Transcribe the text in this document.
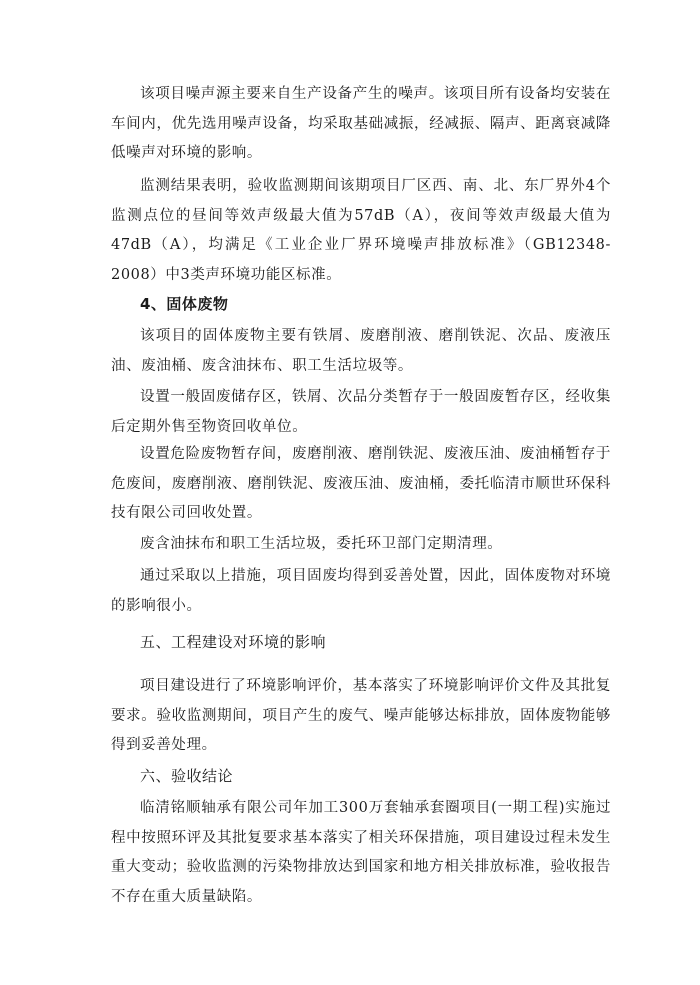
该项目噪声源主要来自生产设备产生的噪声。该项目所有设备均安装在车间内，优先选用噪声设备，均采取基础减振，经减振、隔声、距离衰减降低噪声对环境的影响。

监测结果表明，验收监测期间该期项目厂区西、南、北、东厂界外4个监测点位的昼间等效声级最大值为57dB（A），夜间等效声级最大值为47dB（A），均满足《工业企业厂界环境噪声排放标准》（GB12348-2008）中3类声环境功能区标准。

4、固体废物

该项目的固体废物主要有铁屑、废磨削液、磨削铁泥、次品、废液压油、废油桶、废含油抹布、职工生活垃圾等。

设置一般固废储存区，铁屑、次品分类暂存于一般固废暂存区，经收集后定期外售至物资回收单位。

设置危险废物暂存间，废磨削液、磨削铁泥、废液压油、废油桶暂存于危废间，废磨削液、磨削铁泥、废液压油、废油桶，委托临清市顺世环保科技有限公司回收处置。

废含油抹布和职工生活垃圾，委托环卫部门定期清理。

通过采取以上措施，项目固废均得到妥善处置，因此，固体废物对环境的影响很小。

五、工程建设对环境的影响

项目建设进行了环境影响评价，基本落实了环境影响评价文件及其批复要求。验收监测期间，项目产生的废气、噪声能够达标排放，固体废物能够得到妥善处理。

六、验收结论

临清铭顺轴承有限公司年加工300万套轴承套圈项目(一期工程)实施过程中按照环评及其批复要求基本落实了相关环保措施，项目建设过程未发生重大变动；验收监测的污染物排放达到国家和地方相关排放标准，验收报告不存在重大质量缺陷。
